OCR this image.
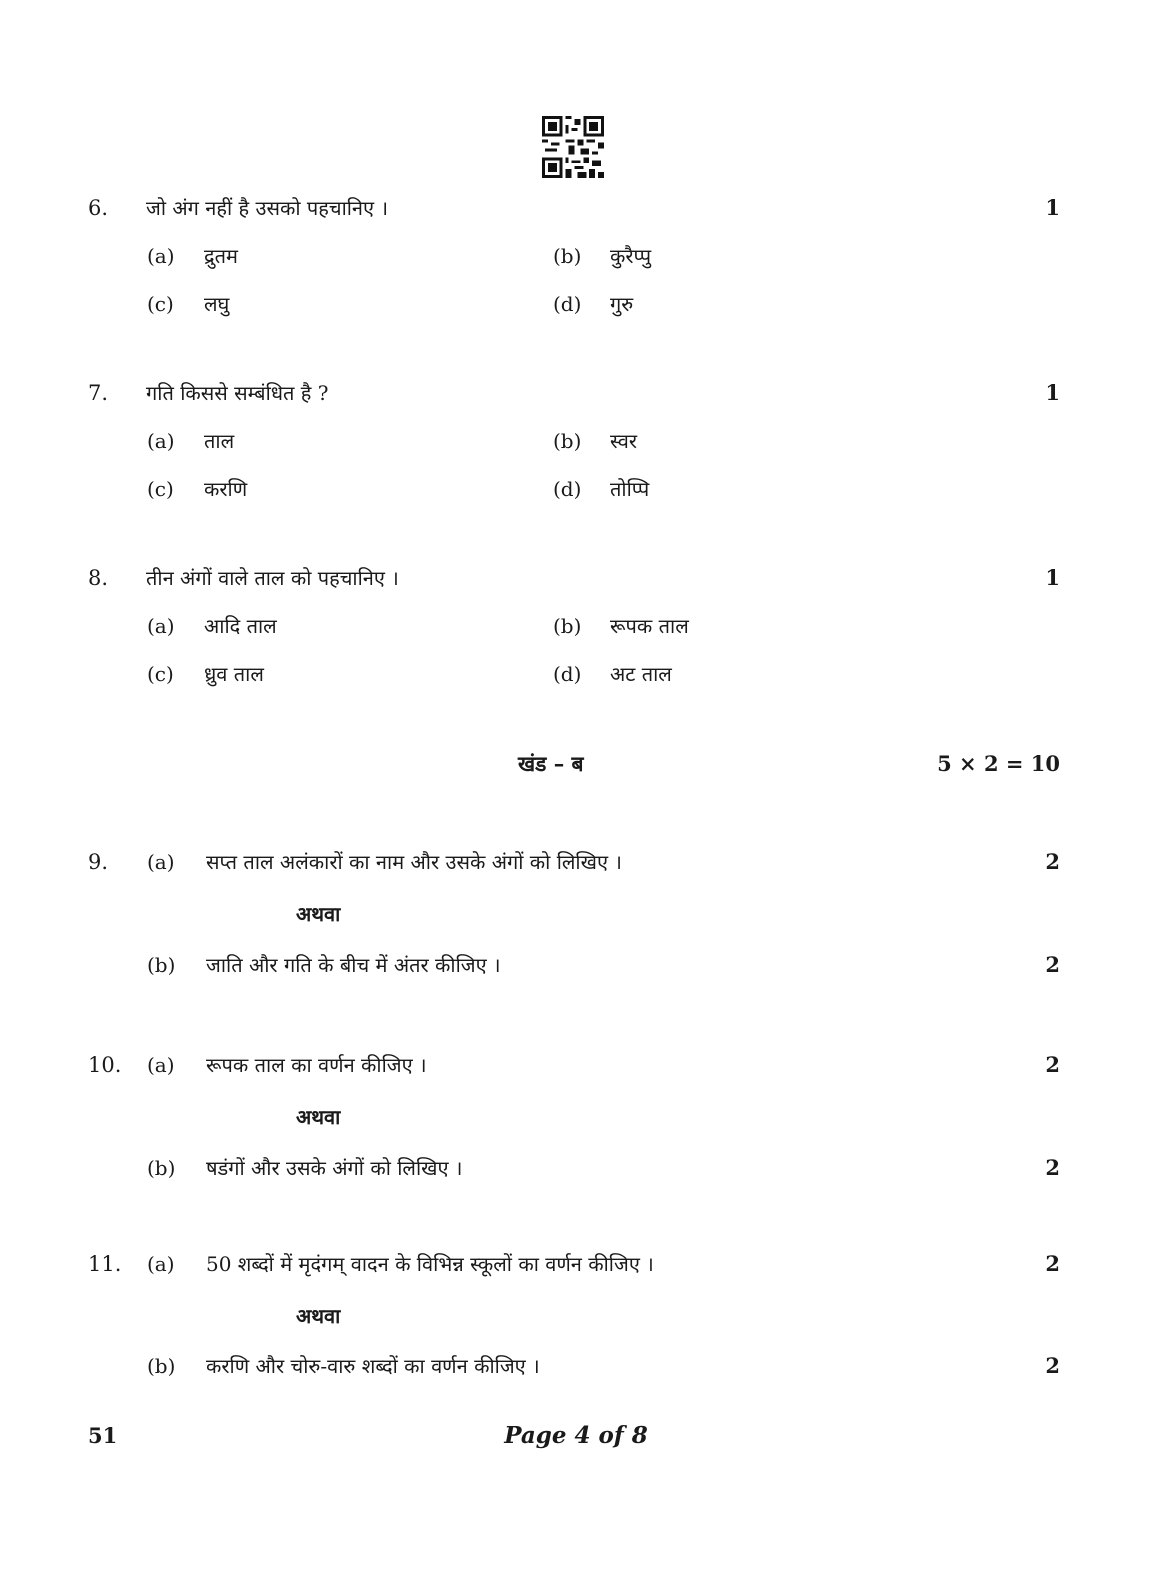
6. जो अंग नहीं है उसको पहचानिए ।	1
(a) द्रुतम	(b) कुरैप्पु
(c) लघु	(d) गुरु
7. गति किससे सम्बंधित है ?	1
(a) ताल	(b) स्वर
(c) करणि	(d) तोप्पि
8. तीन अंगों वाले ताल को पहचानिए ।	1
(a) आदि ताल	(b) रूपक ताल
(c) ध्रुव ताल	(d) अट ताल
खंड – ब	5 × 2 = 10
9. (a) सप्त ताल अलंकारों का नाम और उसके अंगों को लिखिए ।	2
अथवा
(b) जाति और गति के बीच में अंतर कीजिए ।	2
10. (a) रूपक ताल का वर्णन कीजिए ।	2
अथवा
(b) षडंगों और उसके अंगों को लिखिए ।	2
11. (a) 50 शब्दों में मृदंगम् वादन के विभिन्न स्कूलों का वर्णन कीजिए ।	2
अथवा
(b) करणि और चोरु-वारु शब्दों का वर्णन कीजिए ।	2
51	Page 4 of 8
